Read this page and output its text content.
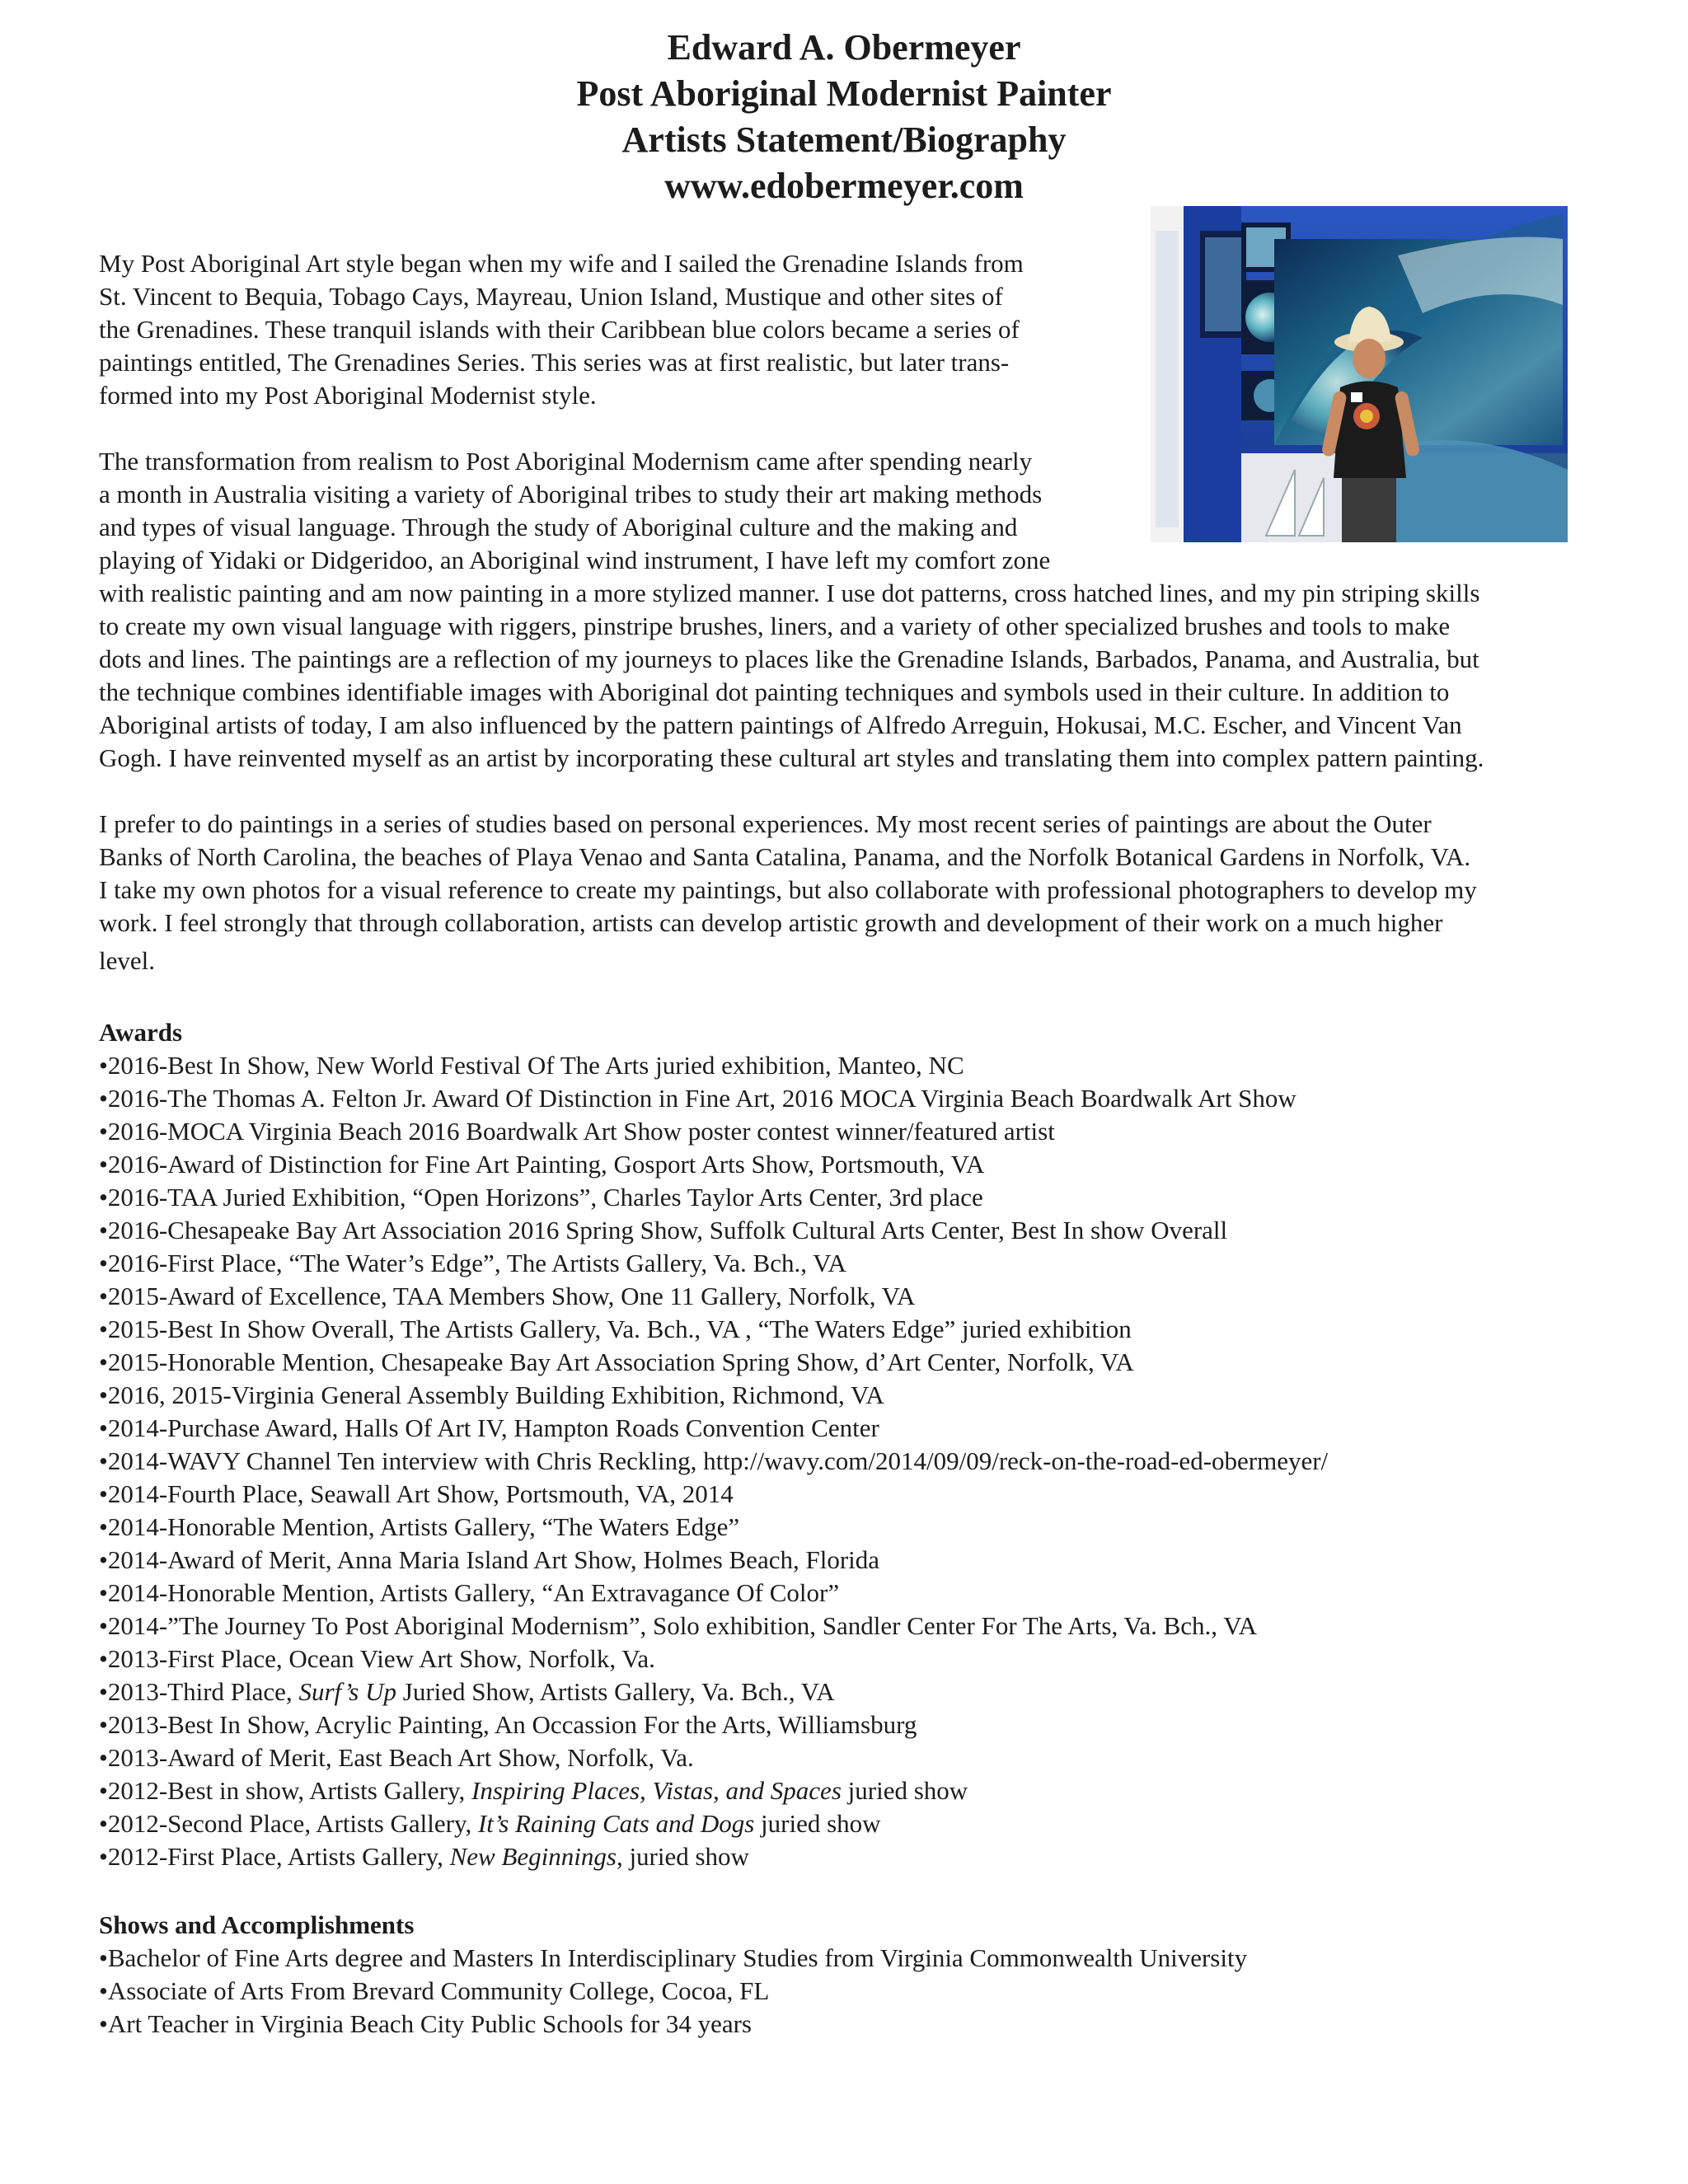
Edward A. Obermeyer
Post Aboriginal Modernist Painter
Artists Statement/Biography
www.edobermeyer.com

My Post Aboriginal Art style began when my wife and I sailed the Grenadine Islands from
St. Vincent to Bequia, Tobago Cays, Mayreau, Union Island, Mustique and other sites of
the Grenadines. These tranquil islands with their Caribbean blue colors became a series of
paintings entitled, The Grenadines Series. This series was at first realistic, but later trans-
formed into my Post Aboriginal Modernist style.

The transformation from realism to Post Aboriginal Modernism came after spending nearly
a month in Australia visiting a variety of Aboriginal tribes to study their art making methods
and types of visual language. Through the study of Aboriginal culture and the making and
playing of Yidaki or Didgeridoo, an Aboriginal wind instrument, I have left my comfort zone
with realistic painting and am now painting in a more stylized manner. I use dot patterns, cross hatched lines, and my pin striping skills
to create my own visual language with riggers, pinstripe brushes, liners, and a variety of other specialized brushes and tools to make
dots and lines. The paintings are a reflection of my journeys to places like the Grenadine Islands, Barbados, Panama, and Australia, but
the technique combines identifiable images with Aboriginal dot painting techniques and symbols used in their culture. In addition to
Aboriginal artists of today, I am also influenced by the pattern paintings of Alfredo Arreguin, Hokusai, M.C. Escher, and Vincent Van
Gogh. I have reinvented myself as an artist by incorporating these cultural art styles and translating them into complex pattern painting.

I prefer to do paintings in a series of studies based on personal experiences. My most recent series of paintings are about the Outer
Banks of North Carolina, the beaches of Playa Venao and Santa Catalina, Panama, and the Norfolk Botanical Gardens in Norfolk, VA.
I take my own photos for a visual reference to create my paintings, but also collaborate with professional photographers to develop my
work. I feel strongly that through collaboration, artists can develop artistic growth and development of their work on a much higher
level.

Awards
•2016-Best In Show, New World Festival Of The Arts juried exhibition, Manteo, NC
•2016-The Thomas A. Felton Jr. Award Of Distinction in Fine Art, 2016 MOCA Virginia Beach Boardwalk Art Show
•2016-MOCA Virginia Beach 2016 Boardwalk Art Show poster contest winner/featured artist
•2016-Award of Distinction for Fine Art Painting, Gosport Arts Show, Portsmouth, VA
•2016-TAA Juried Exhibition, “Open Horizons”, Charles Taylor Arts Center, 3rd place
•2016-Chesapeake Bay Art Association 2016 Spring Show, Suffolk Cultural Arts Center, Best In show Overall
•2016-First Place, “The Water’s Edge”, The Artists Gallery, Va. Bch., VA
•2015-Award of Excellence, TAA Members Show, One 11 Gallery, Norfolk, VA
•2015-Best In Show Overall, The Artists Gallery, Va. Bch., VA , “The Waters Edge” juried exhibition
•2015-Honorable Mention, Chesapeake Bay Art Association Spring Show, d’Art Center, Norfolk, VA
•2016, 2015-Virginia General Assembly Building Exhibition, Richmond, VA
•2014-Purchase Award, Halls Of Art IV, Hampton Roads Convention Center
•2014-WAVY Channel Ten interview with Chris Reckling, http://wavy.com/2014/09/09/reck-on-the-road-ed-obermeyer/
•2014-Fourth Place, Seawall Art Show, Portsmouth, VA, 2014
•2014-Honorable Mention, Artists Gallery, “The Waters Edge”
•2014-Award of Merit, Anna Maria Island Art Show, Holmes Beach, Florida
•2014-Honorable Mention, Artists Gallery, “An Extravagance Of Color”
•2014-”The Journey To Post Aboriginal Modernism”, Solo exhibition, Sandler Center For The Arts, Va. Bch., VA
•2013-First Place, Ocean View Art Show, Norfolk, Va.
•2013-Third Place, Surf’s Up Juried Show, Artists Gallery, Va. Bch., VA
•2013-Best In Show, Acrylic Painting, An Occassion For the Arts, Williamsburg
•2013-Award of Merit, East Beach Art Show, Norfolk, Va.
•2012-Best in show, Artists Gallery, Inspiring Places, Vistas, and Spaces juried show
•2012-Second Place, Artists Gallery, It’s Raining Cats and Dogs juried show
•2012-First Place, Artists Gallery, New Beginnings, juried show
Shows and Accomplishments
•Bachelor of Fine Arts degree and Masters In Interdisciplinary Studies from Virginia Commonwealth University
•Associate of Arts From Brevard Community College, Cocoa, FL
•Art Teacher in Virginia Beach City Public Schools for 34 years
